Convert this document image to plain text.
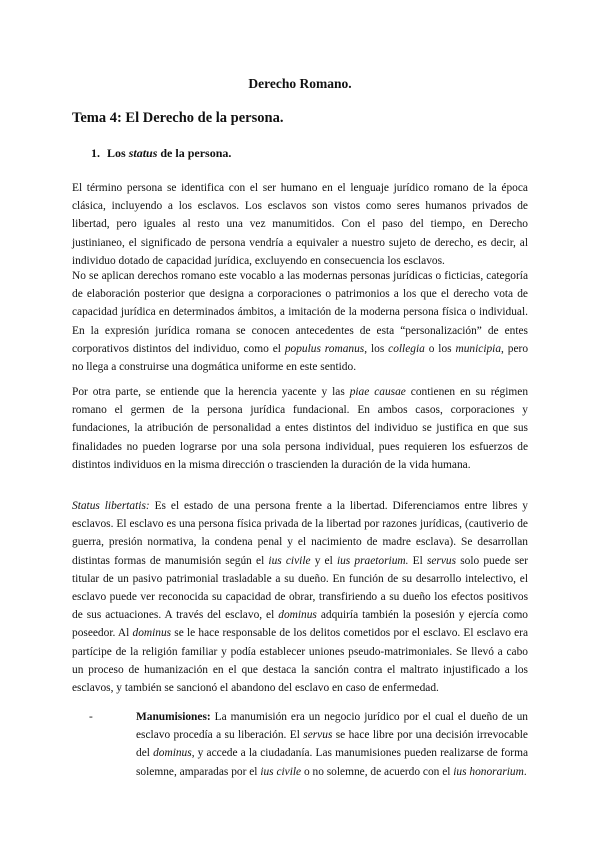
Derecho Romano.
Tema 4: El Derecho de la persona.
1. Los status de la persona.

El término persona se identifica con el ser humano en el lenguaje jurídico romano de la época clásica, incluyendo a los esclavos. Los esclavos son vistos como seres humanos privados de libertad, pero iguales al resto una vez manumitidos. Con el paso del tiempo, en Derecho justinianeo, el significado de persona vendría a equivaler a nuestro sujeto de derecho, es decir, al individuo dotado de capacidad jurídica, excluyendo en consecuencia los esclavos.

No se aplican derechos romano este vocablo a las modernas personas jurídicas o ficticias, categoría de elaboración posterior que designa a corporaciones o patrimonios a los que el derecho vota de capacidad jurídica en determinados ámbitos, a imitación de la moderna persona física o individual. En la expresión jurídica romana se conocen antecedentes de esta “personalización” de entes corporativos distintos del individuo, como el populus romanus, los collegia o los municipia, pero no llega a construirse una dogmática uniforme en este sentido.

Por otra parte, se entiende que la herencia yacente y las piae causae contienen en su régimen romano el germen de la persona jurídica fundacional. En ambos casos, corporaciones y fundaciones, la atribución de personalidad a entes distintos del individuo se justifica en que sus finalidades no pueden lograrse por una sola persona individual, pues requieren los esfuerzos de distintos individuos en la misma dirección o trascienden la duración de la vida humana.

Status libertatis: Es el estado de una persona frente a la libertad. Diferenciamos entre libres y esclavos. El esclavo es una persona física privada de la libertad por razones jurídicas, (cautiverio de guerra, presión normativa, la condena penal y el nacimiento de madre esclava). Se desarrollan distintas formas de manumisión según el ius civile y el ius praetorium. El servus solo puede ser titular de un pasivo patrimonial trasladable a su dueño. En función de su desarrollo intelectivo, el esclavo puede ver reconocida su capacidad de obrar, transfiriendo a su dueño los efectos positivos de sus actuaciones. A través del esclavo, el dominus adquiría también la posesión y ejercía como poseedor. Al dominus se le hace responsable de los delitos cometidos por el esclavo. El esclavo era partícipe de la religión familiar y podía establecer uniones pseudo-matrimoniales. Se llevó a cabo un proceso de humanización en el que destaca la sanción contra el maltrato injustificado a los esclavos, y también se sancionó el abandono del esclavo en caso de enfermedad.

-	Manumisiones: La manumisión era un negocio jurídico por el cual el dueño de un esclavo procedía a su liberación. El servus se hace libre por una decisión irrevocable del dominus, y accede a la ciudadanía. Las manumisiones pueden realizarse de forma solemne, amparadas por el ius civile o no solemne, de acuerdo con el ius honorarium.
